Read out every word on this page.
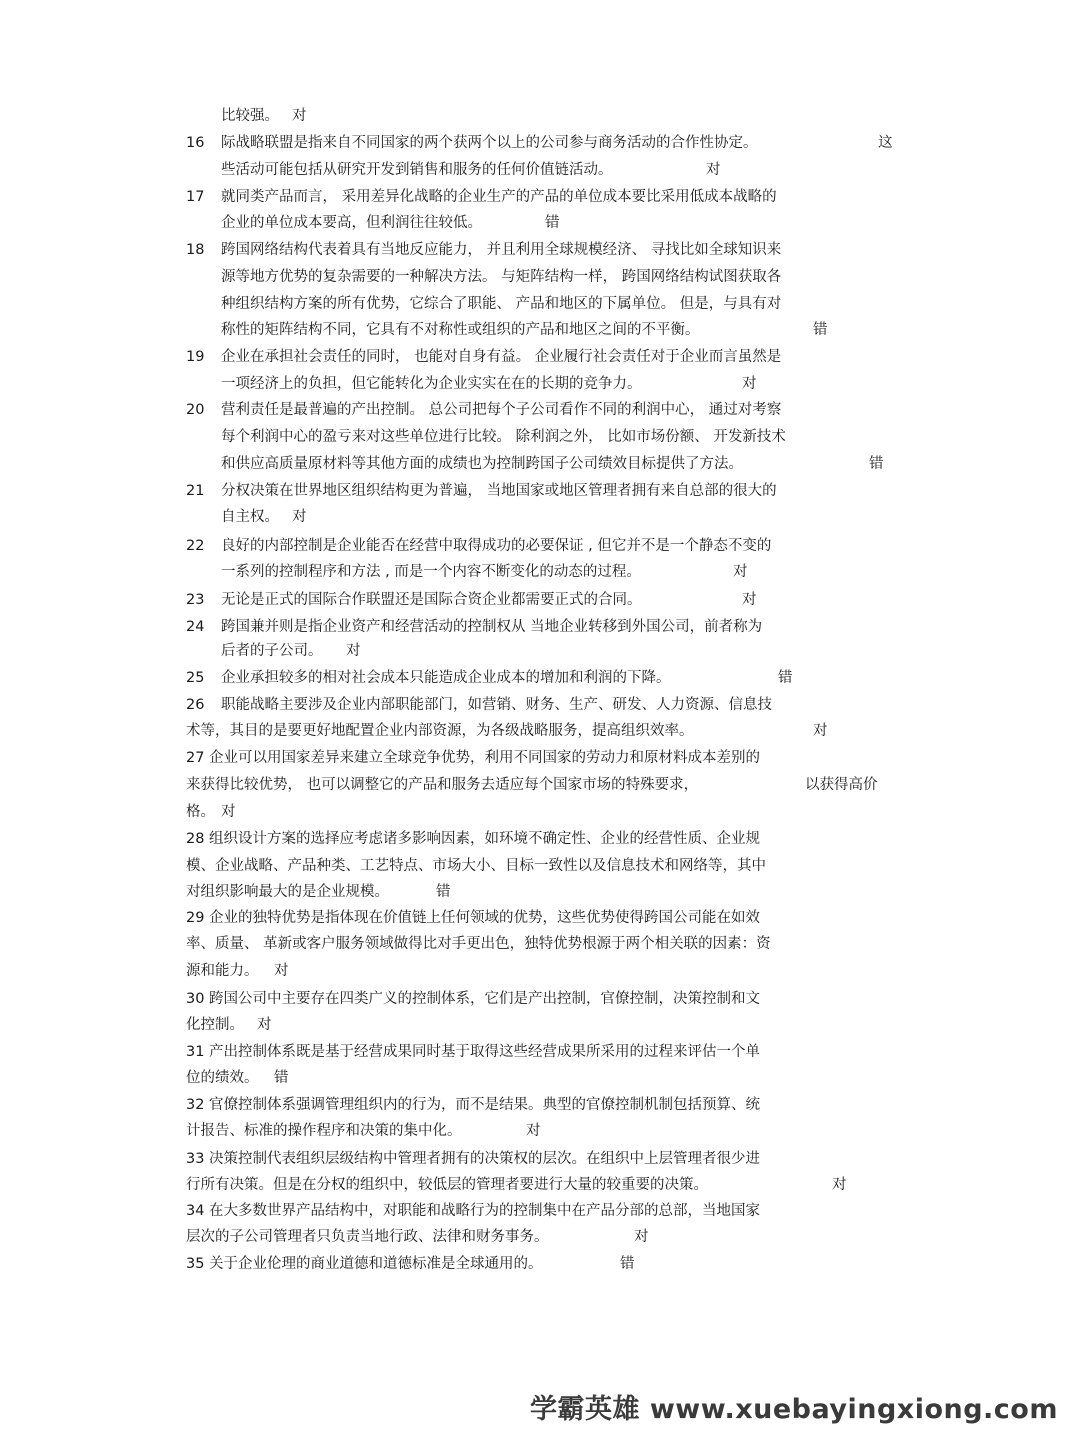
16
17
18
19
20
21
22
23
24
25
26
比较强。
际战略联盟是指来自不同国家的两个获两个以上的公司参与商务活动的合作性协定。
些活动可能包括从研究开发到销售和服务的任何价值链活动。
就同类产品而言， 采用差异化战略的企业生产的产品的单位成本要比采用低成本战略的
企业的单位成本要高，但利润往往较低。
跨国网络结构代表着具有当地反应能力， 并且利用全球规模经济、 寻找比如全球知识来
源等地方优势的复杂需要的一种解决方法。 与矩阵结构一样， 跨国网络结构试图获取各
种组织结构方案的所有优势，它综合了职能、 产品和地区的下属单位。 但是，与具有对
称性的矩阵结构不同，它具有不对称性或组织的产品和地区之间的不平衡。
企业在承担社会责任的同时， 也能对自身有益。 企业履行社会责任对于企业而言虽然是
一项经济上的负担，但它能转化为企业实实在在的长期的竞争力。
营利责任是最普遍的产出控制。 总公司把每个子公司看作不同的利润中心， 通过对考察
每个利润中心的盈亏来对这些单位进行比较。 除利润之外， 比如市场份额、 开发新技术
和供应高质量原材料等其他方面的成绩也为控制跨国子公司绩效目标提供了方法。
分权决策在世界地区组织结构更为普遍， 当地国家或地区管理者拥有来自总部的很大的
自主权。
良好的内部控制是企业能否在经营中取得成功的必要保证 , 但它并不是一个静态不变的
一系列的控制程序和方法 , 而是一个内容不断变化的动态的过程。
无论是正式的国际合作联盟还是国际合资企业都需要正式的合同。
跨国兼并则是指企业资产和经营活动的控制权从 当地企业转移到外国公司，前者称为
后者的子公司。
企业承担较多的相对社会成本只能造成企业成本的增加和利润的下降。
职能战略主要涉及企业内部职能部门，如营销、财务、生产、研发、人力资源、信息技
术等，其目的是要更好地配置企业内部资源，为各级战略服务，提高组织效率。
27 企业可以用国家差异来建立全球竞争优势，利用不同国家的劳动力和原材料成本差别的
来获得比较优势， 也可以调整它的产品和服务去适应每个国家市场的特殊要求，
格。
28 组织设计方案的选择应考虑诸多影响因素，如环境不确定性、企业的经营性质、企业规
模、企业战略、产品种类、工艺特点、市场大小、目标一致性以及信息技术和网络等，其中
对组织影响最大的是企业规模。
29 企业的独特优势是指体现在价值链上任何领域的优势，这些优势使得跨国公司能在如效
率、质量、 革新或客户服务领域做得比对手更出色，独特优势根源于两个相关联的因素：资
源和能力。
30 跨国公司中主要存在四类广义的控制体系，它们是产出控制，官僚控制，决策控制和文
化控制。
31 产出控制体系既是基于经营成果同时基于取得这些经营成果所采用的过程来评估一个单
位的绩效。
32 官僚控制体系强调管理组织内的行为，而不是结果。典型的官僚控制机制包括预算、统
计报告、标准的操作程序和决策的集中化。
33 决策控制代表组织层级结构中管理者拥有的决策权的层次。在组织中上层管理者很少进
行所有决策。但是在分权的组织中，较低层的管理者要进行大量的较重要的决策。
34 在大多数世界产品结构中，对职能和战略行为的控制集中在产品分部的总部，当地国家
层次的子公司管理者只负责当地行政、法律和财务事务。
35 关于企业伦理的商业道德和道德标准是全球通用的。
对
这
对
错
错
对
错
对
对
对
对
错
对
以获得高价
对
错
对
对
错
对
对
对
错
学霸英雄 www.xuebayingxiong.com
